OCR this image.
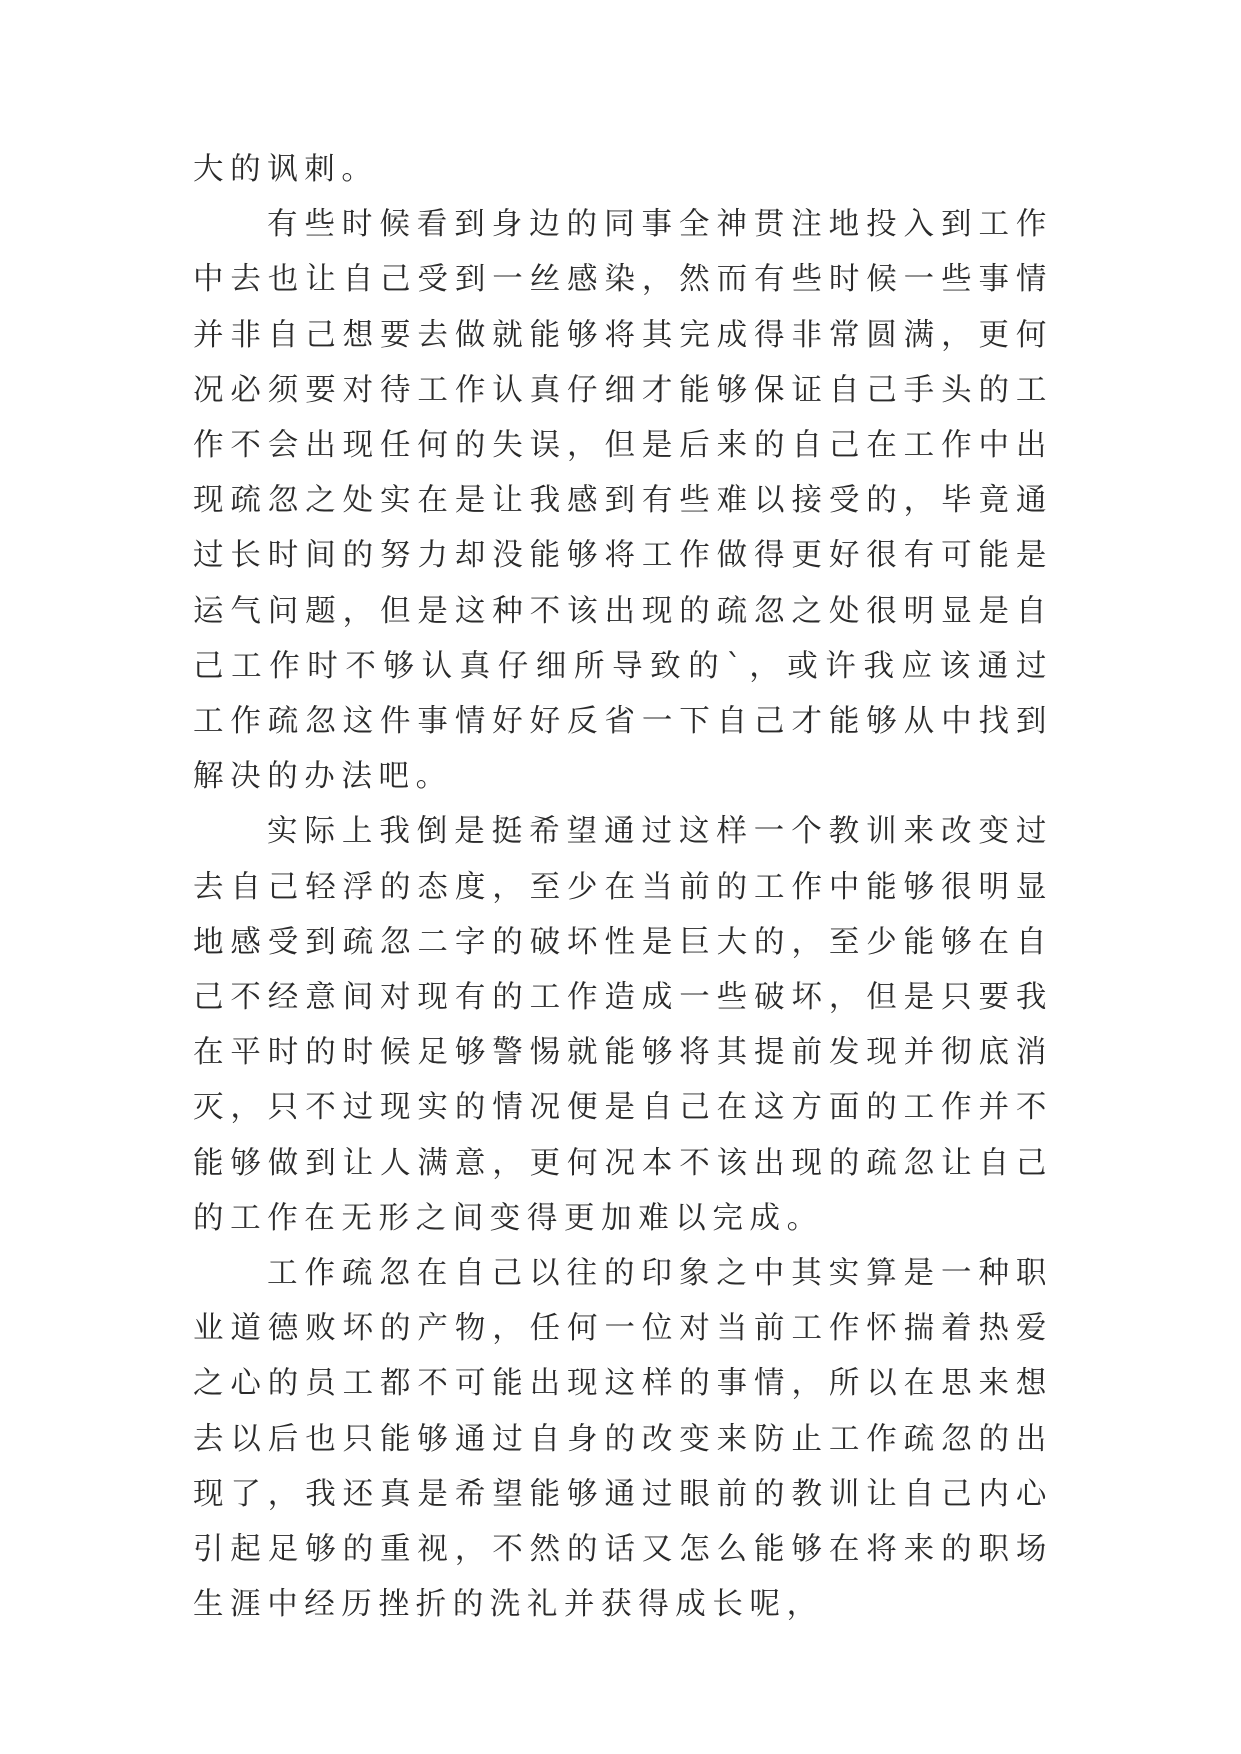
大的讽刺。

有些时候看到身边的同事全神贯注地投入到工作中去也让自己受到一丝感染，然而有些时候一些事情并非自己想要去做就能够将其完成得非常圆满，更何况必须要对待工作认真仔细才能够保证自己手头的工作不会出现任何的失误，但是后来的自己在工作中出现疏忽之处实在是让我感到有些难以接受的，毕竟通过长时间的努力却没能够将工作做得更好很有可能是运气问题，但是这种不该出现的疏忽之处很明显是自己工作时不够认真仔细所导致的`，或许我应该通过工作疏忽这件事情好好反省一下自己才能够从中找到解决的办法吧。

实际上我倒是挺希望通过这样一个教训来改变过去自己轻浮的态度，至少在当前的工作中能够很明显地感受到疏忽二字的破坏性是巨大的，至少能够在自己不经意间对现有的工作造成一些破坏，但是只要我在平时的时候足够警惕就能够将其提前发现并彻底消灭，只不过现实的情况便是自己在这方面的工作并不能够做到让人满意，更何况本不该出现的疏忽让自己的工作在无形之间变得更加难以完成。

工作疏忽在自己以往的印象之中其实算是一种职业道德败坏的产物，任何一位对当前工作怀揣着热爱之心的员工都不可能出现这样的事情，所以在思来想去以后也只能够通过自身的改变来防止工作疏忽的出现了，我还真是希望能够通过眼前的教训让自己内心引起足够的重视，不然的话又怎么能够在将来的职场生涯中经历挫折的洗礼并获得成长呢，
